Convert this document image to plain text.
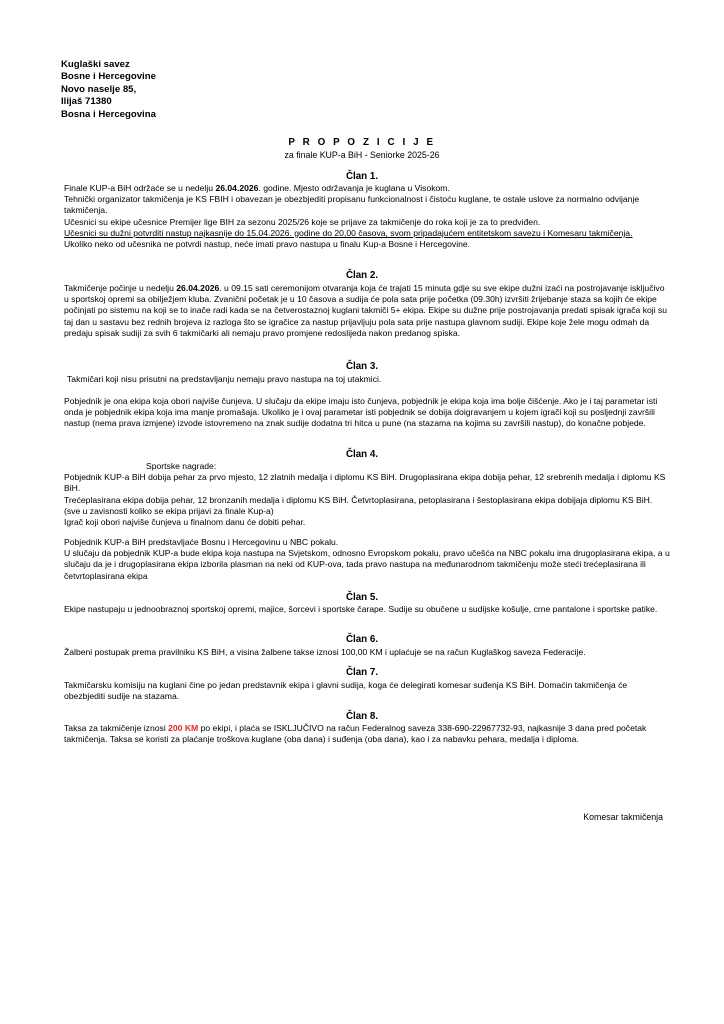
Kuglaški savez
Bosne i Hercegovine
Novo naselje 85,
Ilijaš 71380
Bosna i Hercegovina
P R O P O Z I C I J E
za finale KUP-a BiH - Seniorke 2025-26
Član 1.

Finale KUP-a BiH održaće se u nedelju 26.04.2026. godine. Mjesto održavanja je kuglana u Visokom.

Tehnički organizator takmičenja je KS FBIH i obavezan je obezbjediti propisanu funkcionalnost i čistoću kuglane, te ostale uslove za normalno odvijanje takmičenja.

Učesnici su ekipe učesnice Premijer lige BIH za sezonu 2025/26 koje se prijave za takmičenje do roka koji je za to predviđen.

Učesnici su dužni potvrditi nastup najkasnije do 15.04.2026. godine do 20,00 časova, svom pripadajućem entitetskom savezu i Komesaru takmičenja.

Ukoliko neko od učesnika ne potvrdi nastup, neće imati pravo nastupa u finalu Kup-a Bosne i Hercegovine.

Član 2.

Takmičenje počinje u nedelju 26.04.2026. u 09.15 sati ceremonijom otvaranja koja će trajati 15 minuta gdje su sve ekipe dužni izaći na postrojavanje isključivo u sportskoj opremi sa obilježjem kluba. Zvanični početak je u 10 časova a sudija će pola sata prije početka (09.30h) izvršiti žrijebanje staza sa kojih će ekipe počinjati po sistemu na koji se to inače radi kada se na četverostaznoj kuglani takmiči 5+ ekipa. Ekipe su dužne prije postrojavanja predati spisak igrača koji su taj dan u sastavu bez rednih brojeva iz razloga što se igračice za nastup prijavljuju pola sata prije nastupa glavnom sudiji. Ekipe koje žele mogu odmah da predaju spisak sudiji za svih 6 takmičarki ali nemaju pravo promjene redoslijeda nakon predanog spiska.

Član 3.

Takmičari koji nisu prisutni na predstavljanju nemaju pravo nastupa na toj utakmici.

Pobjednik je ona ekipa koja obori najviše čunjeva. U slučaju da ekipe imaju isto čunjeva, pobjednik je ekipa koja ima bolje čišćenje. Ako je i taj parametar isti onda je pobjednik ekipa koja ima manje promašaja. Ukoliko je i ovaj parametar isti pobjednik se dobija doigravanjem u kojem igrači koji su posljednji završili nastup (nema prava izmjene) izvode istovremeno na znak sudije dodatna tri hitca u pune (na stazama na kojima su završili nastup), do konačne pobjede.

Član 4.

Sportske nagrade:

Pobjednik KUP-a BiH dobija pehar za prvo mjesto, 12 zlatnih medalja i diplomu KS BiH. Drugoplasirana ekipa dobija pehar, 12 srebrenih medalja i diplomu KS BiH.

Trećeplasirana ekipa dobija pehar, 12 bronzanih medalja i diplomu KS BiH. Četvrtoplasirana, petoplasirana i šestoplasirana ekipa dobijaja diplomu KS BiH. (sve u zavisnosti koliko se ekipa prijavi za finale Kup-a)

Igrač koji obori najviše čunjeva u finalnom danu će dobiti pehar.

Pobjednik KUP-a BiH predstavljaće Bosnu i Hercegovinu u NBC pokalu.

U slučaju da pobjednik KUP-a bude ekipa koja nastupa na Svjetskom, odnosno Evropskom pokalu, pravo učešća na NBC pokalu ima drugoplasirana ekipa, a u slučaju da je i drugoplasirana ekipa izborila plasman na neki od KUP-ova, tada pravo nastupa na međunarodnom takmičenju može steći trećeplasirana ili četvrtoplasirana ekipa

Član 5.

Ekipe nastupaju u jednoobraznoj sportskoj opremi, majice, šorcevi i sportske čarape. Sudije su obučene u sudijske košulje, crne pantalone i sportske patike.

Član 6.

Žalbeni postupak prema pravilniku KS BiH, a visina žalbene takse iznosi 100,00 KM i uplaćuje se na račun Kuglaškog saveza Federacije.

Član 7.

Takmičarsku komisiju na kuglani čine po jedan predstavnik ekipa i glavni sudija, koga će delegirati komesar suđenja KS BiH. Domaćin takmičenja će obezbjediti sudije na stazama.

Član 8.

Taksa za takmičenje iznosi 200 KM po ekipi, i plaća se ISKLJUČIVO na račun Federalnog saveza 338-690-22967732-93, najkasnije 3 dana pred početak takmičenja. Taksa se koristi za plaćanje troškova kuglane (oba dana) i suđenja (oba dana), kao i za nabavku pehara, medalja i diploma.

Komesar takmičenja
